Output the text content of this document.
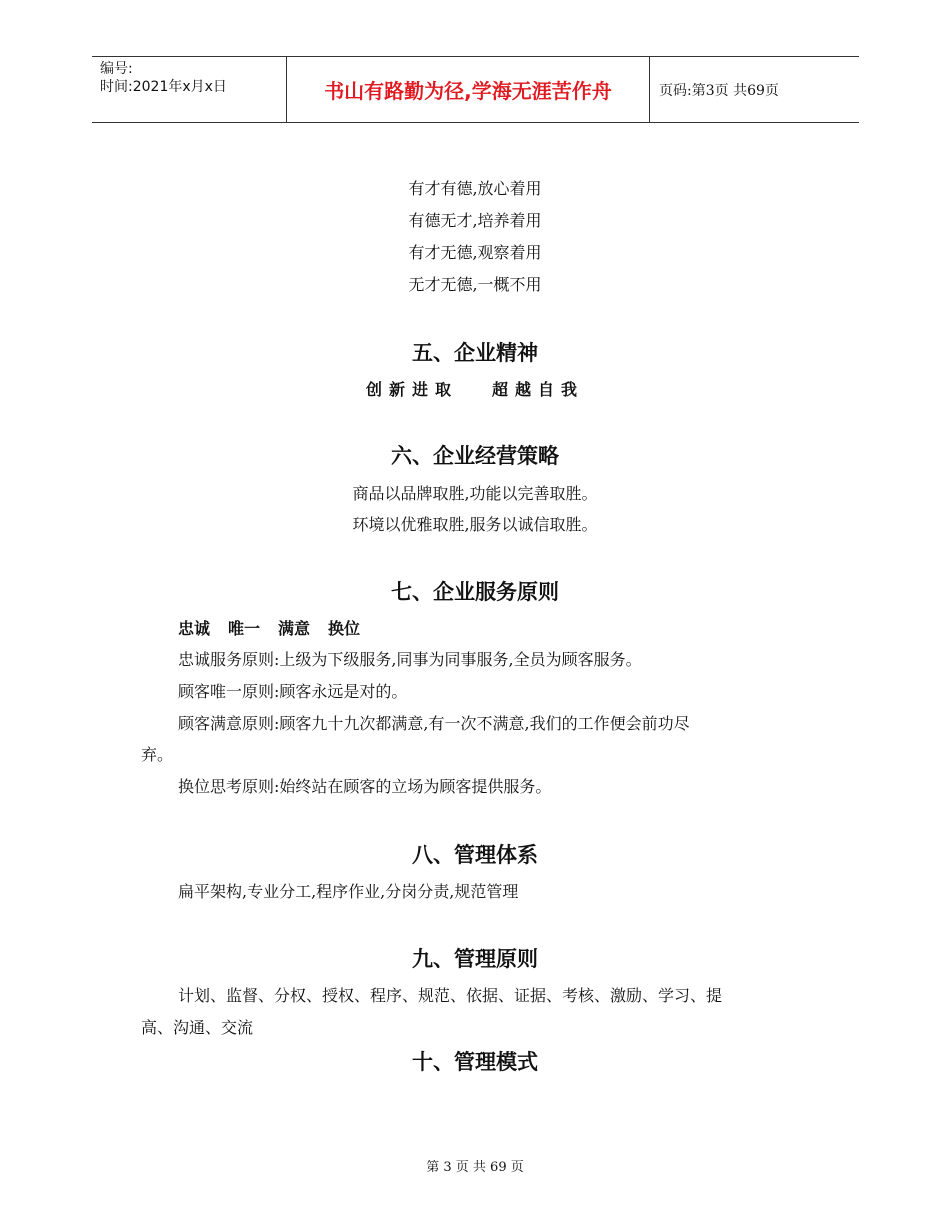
编号:
时间:2021年x月x日	书山有路勤为径,学海无涯苦作舟	页码:第3页 共69页
有才有德,放心着用
有德无才,培养着用
有才无德,观察着用
无才无德,一概不用
五、企业精神
创新进取 超越自我
六、企业经营策略
商品以品牌取胜,功能以完善取胜。
环境以优雅取胜,服务以诚信取胜。
七、企业服务原则
忠诚 唯一 满意 换位
忠诚服务原则:上级为下级服务,同事为同事服务,全员为顾客服务。
顾客唯一原则:顾客永远是对的。
顾客满意原则:顾客九十九次都满意,有一次不满意,我们的工作便会前功尽
弃。
换位思考原则:始终站在顾客的立场为顾客提供服务。
八、管理体系
扁平架构,专业分工,程序作业,分岗分责,规范管理
九、管理原则
计划、监督、分权、授权、程序、规范、依据、证据、考核、激励、学习、提
高、沟通、交流
十、管理模式
第 3 页 共 69 页
